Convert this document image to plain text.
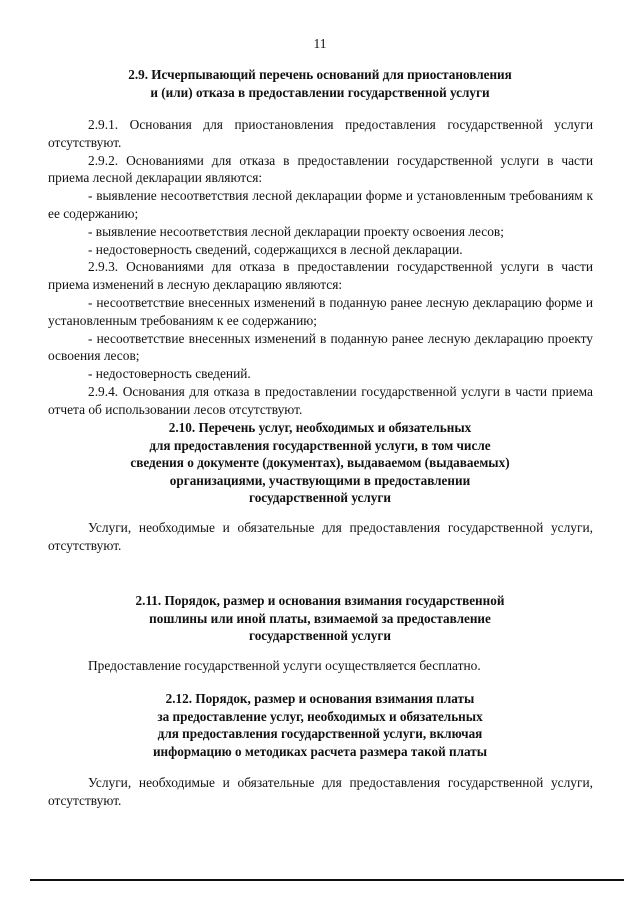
11
2.9. Исчерпывающий перечень оснований для приостановления
и (или) отказа в предоставлении государственной услуги

2.9.1. Основания для приостановления предоставления государственной услуги отсутствуют.

2.9.2. Основаниями для отказа в предоставлении государственной услуги в части приема лесной декларации являются:

- выявление несоответствия лесной декларации форме и установленным требованиям к ее содержанию;

- выявление несоответствия лесной декларации проекту освоения лесов;

- недостоверность сведений, содержащихся в лесной декларации.

2.9.3. Основаниями для отказа в предоставлении государственной услуги в части приема изменений в лесную декларацию являются:

- несоответствие внесенных изменений в поданную ранее лесную декларацию форме и установленным требованиям к ее содержанию;

- несоответствие внесенных изменений в поданную ранее лесную декларацию проекту освоения лесов;

- недостоверность сведений.

2.9.4. Основания для отказа в предоставлении государственной услуги в части приема отчета об использовании лесов отсутствуют.

2.10. Перечень услуг, необходимых и обязательных
для предоставления государственной услуги, в том числе
сведения о документе (документах), выдаваемом (выдаваемых)
организациями, участвующими в предоставлении
государственной услуги

Услуги, необходимые и обязательные для предоставления государственной услуги, отсутствуют.

2.11. Порядок, размер и основания взимания государственной
пошлины или иной платы, взимаемой за предоставление
государственной услуги

Предоставление государственной услуги осуществляется бесплатно.

2.12. Порядок, размер и основания взимания платы
за предоставление услуг, необходимых и обязательных
для предоставления государственной услуги, включая
информацию о методиках расчета размера такой платы

Услуги, необходимые и обязательные для предоставления государственной услуги, отсутствуют.
